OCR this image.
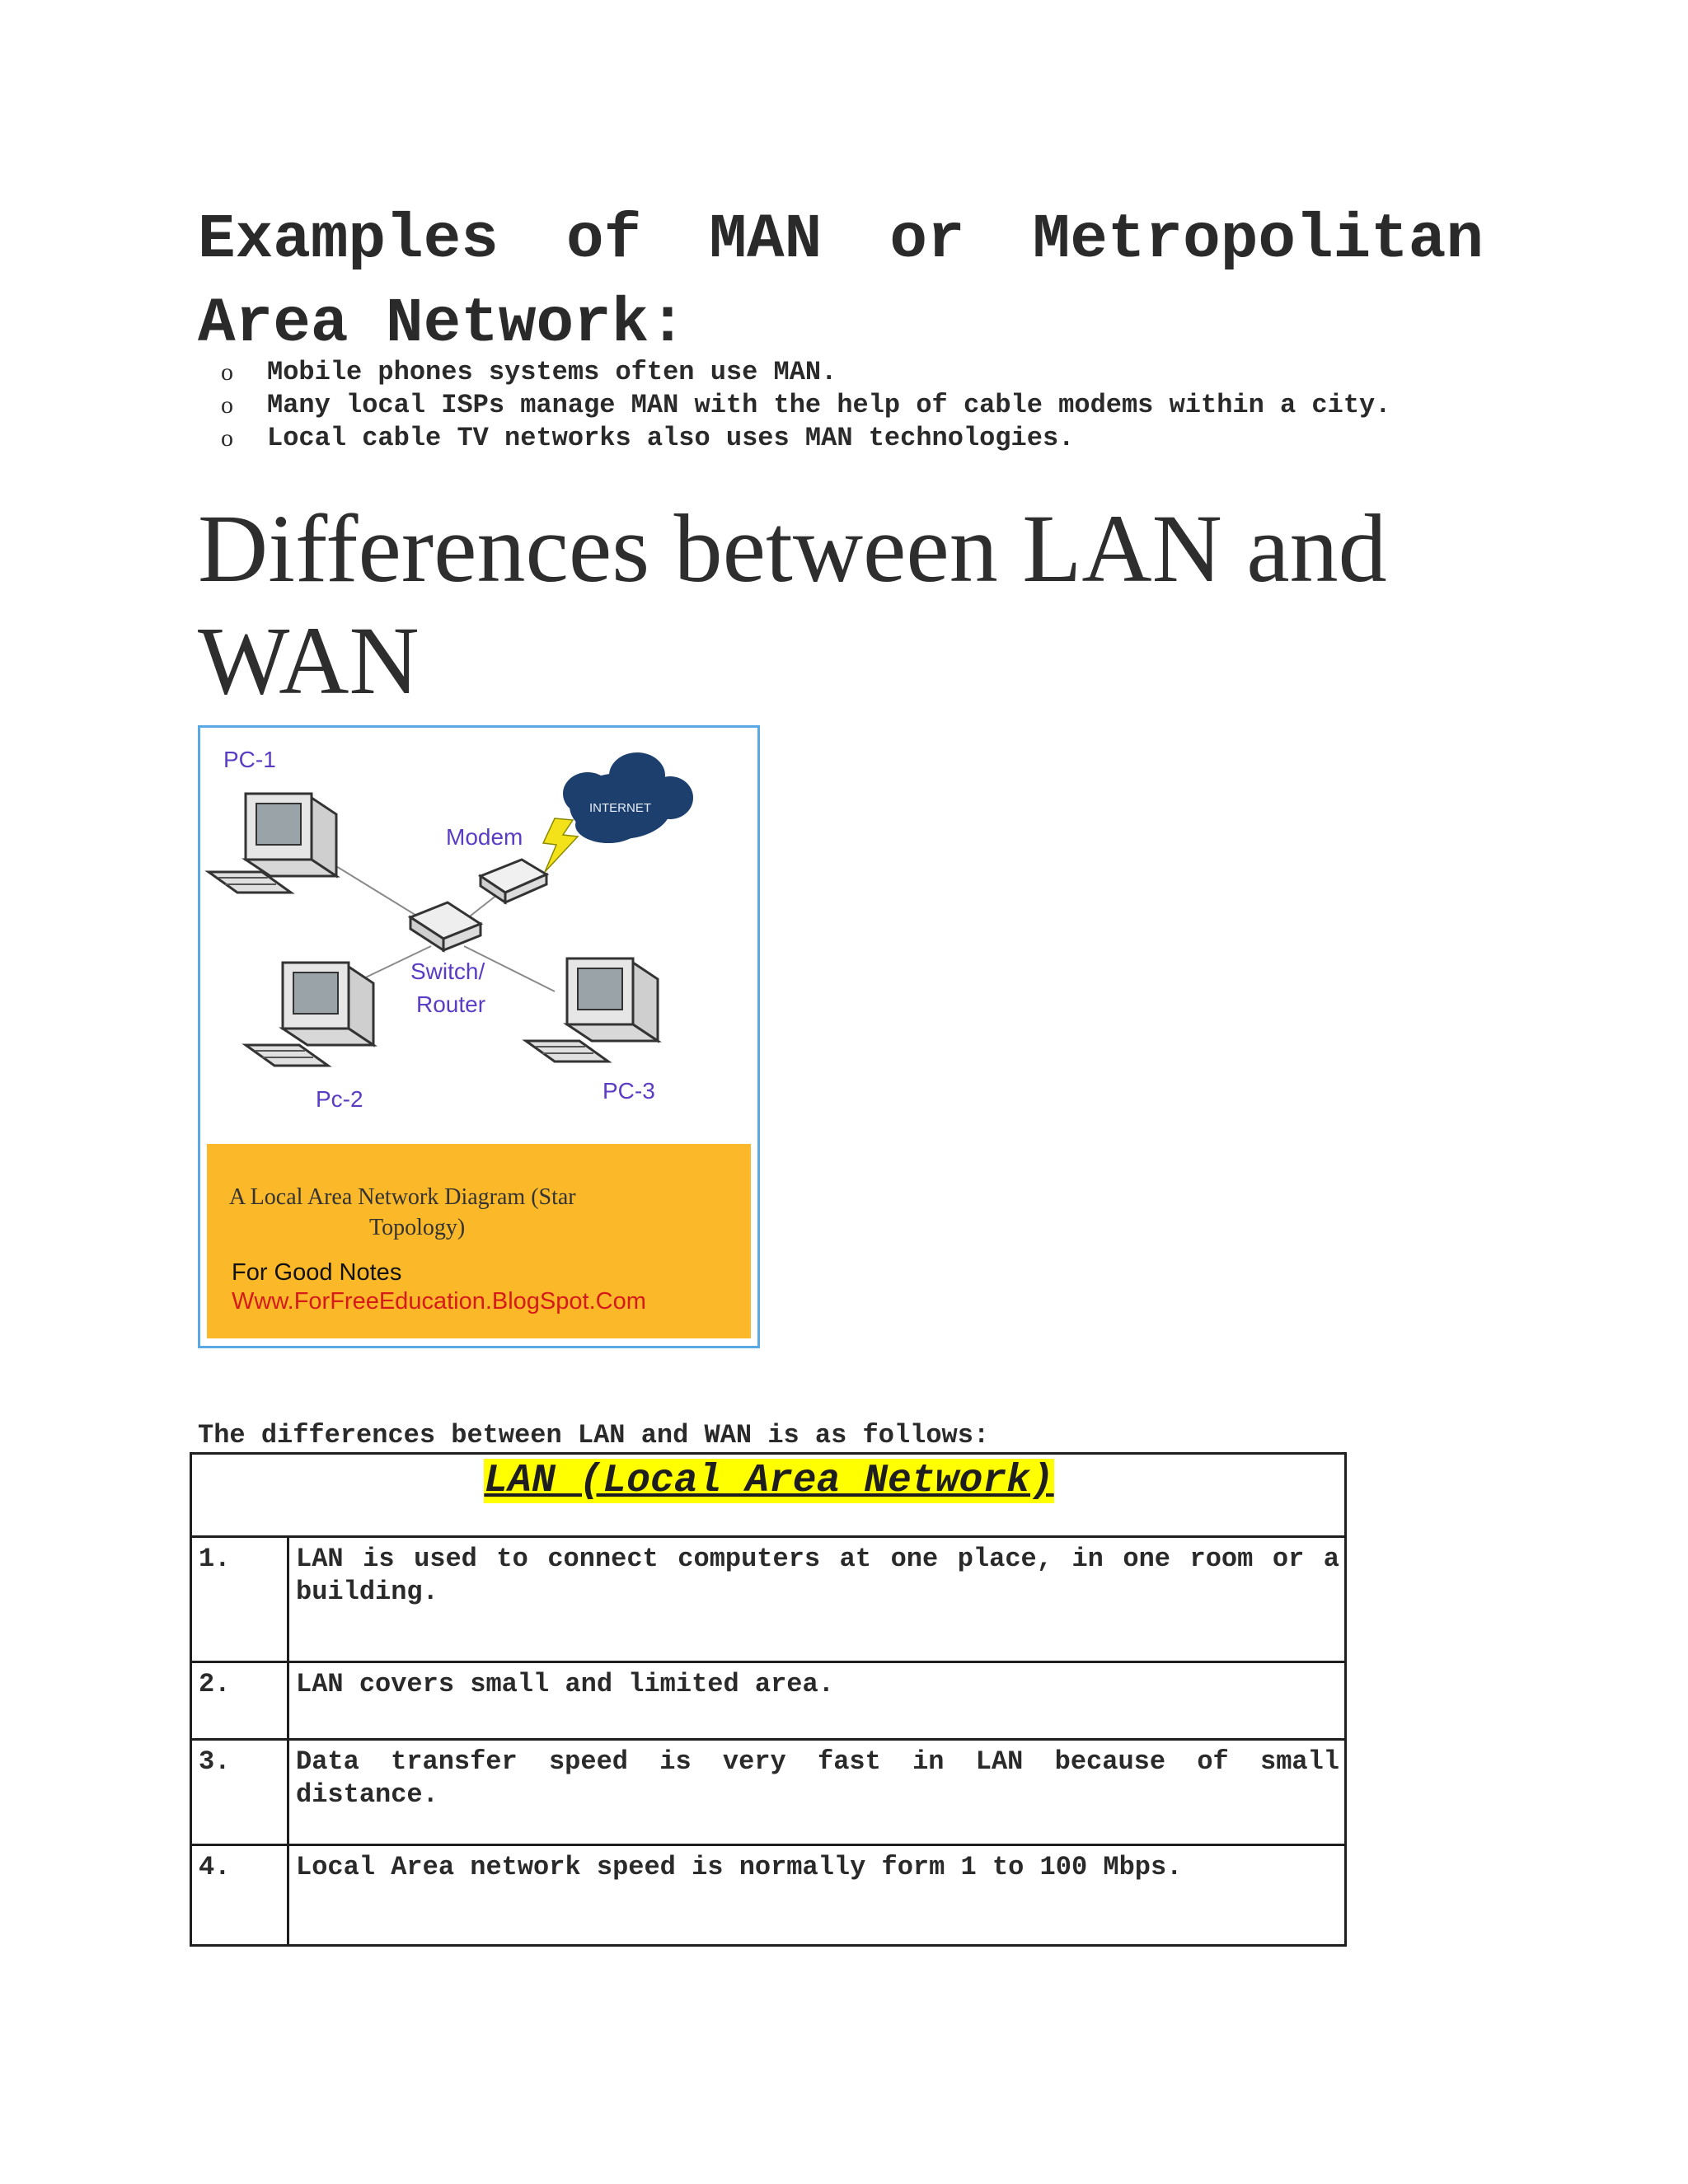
Examples of MAN or Metropolitan Area Network:
o Mobile phones systems often use MAN.
o Many local ISPs manage MAN with the help of cable modems within a city.
o Local cable TV networks also uses MAN technologies.
Differences between LAN and WAN
PC-1
Modem
INTERNET
Switch/
Router
Pc-2	PC-3
A Local Area Network Diagram (Star
Topology)
For Good Notes
Www.ForFreeEducation.BlogSpot.Com

The differences between LAN and WAN is as follows:

LAN (Local Area Network)	
1.	LAN is used to connect computers at one place, in one room or a building.
2.	LAN covers small and limited area.
3.	Data transfer speed is very fast in LAN because of small distance.
4.	Local Area network speed is normally form 1 to 100 Mbps.
